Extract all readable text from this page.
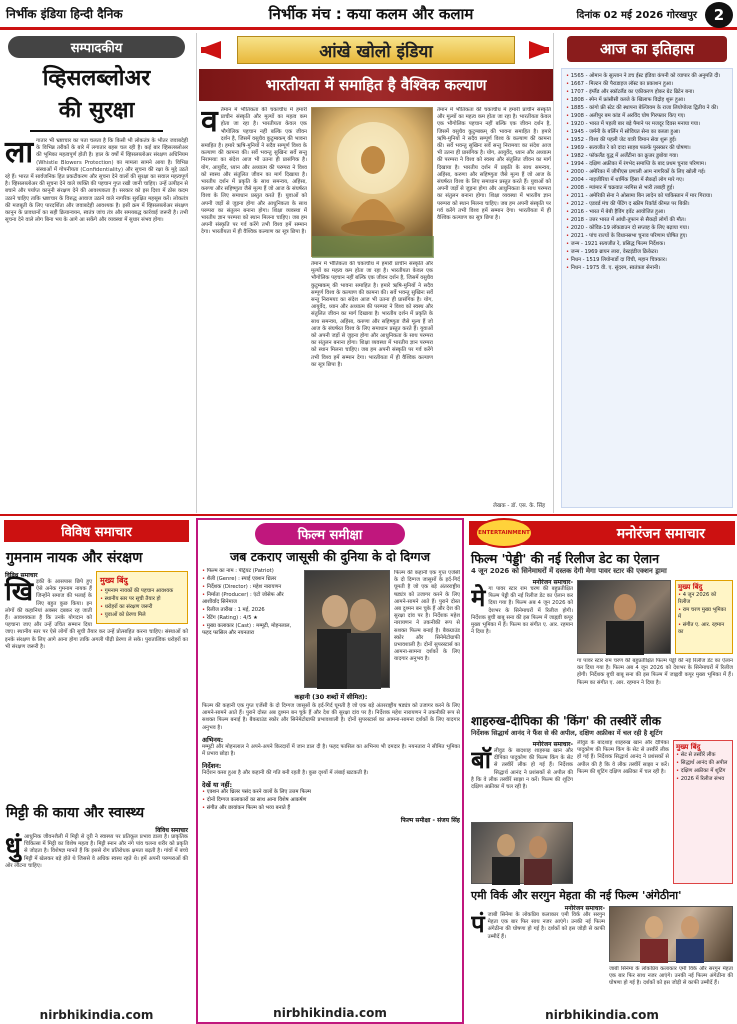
निर्भीक इंडिया हिन्दी दैनिक	निर्भीक मंच : कया कलम और कलाम	दिनांक 02 मई 2026 गोरखपुर	2
सम्पादकीय
व्हिसलब्लोअर
की सुरक्षा
ला गातार भी भ्रष्टाचार का पता चलता है कि किसी भी लोकतंत्र के भीतर जवाबदेही के विभिन्न तरीकों के बारे में लगातार बहस चल रही है। कई बार व्हिसलब्लोअर की भूमिका महत्वपूर्ण होती है। हाल के वर्षों में व्हिसलब्लोअर संरक्षण अधिनियम (Whistle Blowers Protection) का मामला सामने आया है। विभिन्न संस्थाओं में गोपनीयता (Confidentiality) और सूचना की रक्षा के मुद्दे उठते रहे हैं। भारत में सार्वजनिक हित प्रकटीकरण और सूचना देने वालों की सुरक्षा का सवाल महत्वपूर्ण है। व्हिसलब्लोअर की सूचना देने वाले व्यक्ति की पहचान गुप्त रखी जानी चाहिए। उन्हें उत्पीड़न से बचाने और पर्याप्त कानूनी संरक्षण देने की आवश्यकता है। सरकार को इस दिशा में ठोस कदम उठाने चाहिए ताकि भ्रष्टाचार के विरुद्ध आवाज उठाने वाले नागरिक सुरक्षित महसूस करें। लोकतंत्र की मजबूती के लिए पारदर्शिता और जवाबदेही आवश्यक है। इसी क्रम में व्हिसलब्लोअर संरक्षण कानून के प्रावधानों का सही क्रियान्वयन, स्वतंत्र जांच तंत्र और समयबद्ध कार्रवाई जरूरी है। तभी सूचना देने वाले लोग बिना भय के आगे आ सकेंगे और व्यवस्था में सुधार संभव होगा।
आंखे खोलो इंडिया
भारतीयता में समाहित है वैश्विक कल्याण
व र्तमान में भौतिकता की चकाचौंध में हमारी प्राचीन संस्कृति और मूल्यों का महत्व कम होता जा रहा है। भारतीयता केवल एक भौगोलिक पहचान नहीं बल्कि एक जीवन दर्शन है, जिसमें वसुधैव कुटुम्बकम् की भावना समाहित है। हमारे ऋषि-मुनियों ने सदैव सम्पूर्ण विश्व के कल्याण की कामना की। सर्वे भवन्तु सुखिनः सर्वे सन्तु निरामयाः का संदेश आज भी उतना ही प्रासंगिक है। योग, आयुर्वेद, ध्यान और अध्यात्म की परम्परा ने विश्व को स्वस्थ और संतुलित जीवन का मार्ग दिखाया है। भारतीय दर्शन में प्रकृति के साथ समन्वय, अहिंसा, करुणा और सहिष्णुता जैसे मूल्य हैं जो आज के संघर्षरत विश्व के लिए समाधान प्रस्तुत करते हैं। युवाओं को अपनी जड़ों से जुड़ना होगा और आधुनिकता के साथ परम्परा का संतुलन बनाना होगा। शिक्षा व्यवस्था में भारतीय ज्ञान परम्परा को स्थान मिलना चाहिए। जब हम अपनी संस्कृति पर गर्व करेंगे तभी विश्व हमें सम्मान देगा। भारतीयता में ही वैश्विक कल्याण का सूत्र छिपा है।
र्तमान में भौतिकता की चकाचौंध में हमारी प्राचीन संस्कृति और मूल्यों का महत्व कम होता जा रहा है। भारतीयता केवल एक भौगोलिक पहचान नहीं बल्कि एक जीवन दर्शन है, जिसमें वसुधैव कुटुम्बकम् की भावना समाहित है। हमारे ऋषि-मुनियों ने सदैव सम्पूर्ण विश्व के कल्याण की कामना की। सर्वे भवन्तु सुखिनः सर्वे सन्तु निरामयाः का संदेश आज भी उतना ही प्रासंगिक है। योग, आयुर्वेद, ध्यान और अध्यात्म की परम्परा ने विश्व को स्वस्थ और संतुलित जीवन का मार्ग दिखाया है। भारतीय दर्शन में प्रकृति के साथ समन्वय, अहिंसा, करुणा और सहिष्णुता जैसे मूल्य हैं जो आज के संघर्षरत विश्व के लिए समाधान प्रस्तुत करते हैं। युवाओं को अपनी जड़ों से जुड़ना होगा और आधुनिकता के साथ परम्परा का संतुलन बनाना होगा। शिक्षा व्यवस्था में भारतीय ज्ञान परम्परा को स्थान मिलना चाहिए। जब हम अपनी संस्कृति पर गर्व करेंगे तभी विश्व हमें सम्मान देगा। भारतीयता में ही वैश्विक कल्याण का सूत्र छिपा है।
र्तमान में भौतिकता की चकाचौंध में हमारी प्राचीन संस्कृति और मूल्यों का महत्व कम होता जा रहा है। भारतीयता केवल एक भौगोलिक पहचान नहीं बल्कि एक जीवन दर्शन है, जिसमें वसुधैव कुटुम्बकम् की भावना समाहित है। हमारे ऋषि-मुनियों ने सदैव सम्पूर्ण विश्व के कल्याण की कामना की। सर्वे भवन्तु सुखिनः सर्वे सन्तु निरामयाः का संदेश आज भी उतना ही प्रासंगिक है। योग, आयुर्वेद, ध्यान और अध्यात्म की परम्परा ने विश्व को स्वस्थ और संतुलित जीवन का मार्ग दिखाया है। भारतीय दर्शन में प्रकृति के साथ समन्वय, अहिंसा, करुणा और सहिष्णुता जैसे मूल्य हैं जो आज के संघर्षरत विश्व के लिए समाधान प्रस्तुत करते हैं। युवाओं को अपनी जड़ों से जुड़ना होगा और आधुनिकता के साथ परम्परा का संतुलन बनाना होगा। शिक्षा व्यवस्था में भारतीय ज्ञान परम्परा को स्थान मिलना चाहिए। जब हम अपनी संस्कृति पर गर्व करेंगे तभी विश्व हमें सम्मान देगा। भारतीयता में ही वैश्विक कल्याण का सूत्र छिपा है।
लेखक - डॉ. एस. के. सिंह
आज का इतिहास
• 1565 - ओमान के सुल्तान ने डच ईस्ट इंडिया कंपनी को व्यापार की अनुमति दी।
• 1667 - मिल्टन की पैराडाइज लॉस्ट का प्रकाशन हुआ।
• 1707 - इंग्लैंड और स्कॉटलैंड का एकीकरण होकर ग्रेट ब्रिटेन बना।
• 1808 - स्पेन में फ्रांसीसी कब्जे के खिलाफ विद्रोह शुरू हुआ।
• 1885 - कांगो फ्री स्टेट की स्थापना बेल्जियम के राजा लियोपोल्ड द्वितीय ने की।
• 1908 - अलीपुर बम कांड में अरविंद घोष गिरफ्तार किए गए।
• 1920 - भारत में पहली बार बड़े पैमाने पर मजदूर दिवस मनाया गया।
• 1945 - जर्मनी के बर्लिन में सोवियत सेना का कब्जा हुआ।
• 1952 - विश्व की पहली जेट यात्री विमान सेवा शुरू हुई।
• 1969 - सत्यजीत रे को दादा साहब फाल्के पुरस्कार की घोषणा।
• 1982 - फॉकलैंड युद्ध में अर्जेंटीना का क्रूजर डुबोया गया।
• 1994 - दक्षिण अफ्रीका में रंगभेद समाप्ति के बाद प्रथम चुनाव परिणाम।
• 2000 - अमेरिका में जीपीएस प्रणाली आम नागरिकों के लिए खोली गई।
• 2004 - नाइजीरिया में धार्मिक हिंसा में सैकड़ों लोग मारे गए।
• 2008 - म्यांमार में चक्रवात नरगिस से भारी तबाही हुई।
• 2011 - अमेरिकी सेना ने ओसामा बिन लादेन को पाकिस्तान में मार गिराया।
• 2012 - एडवर्ड मंच की पेंटिंग द स्क्रीम रिकॉर्ड कीमत पर बिकी।
• 2016 - भारत में बेबी हैविंग इवेंट आयोजित हुआ।
• 2018 - उत्तर भारत में आंधी-तूफान से सैकड़ों लोगों की मौत।
• 2020 - कोविड-19 लॉकडाउन दो सप्ताह के लिए बढ़ाया गया।
• 2021 - पांच राज्यों के विधानसभा चुनाव परिणाम घोषित हुए।
• जन्म - 1921 सत्यजीत रे, प्रसिद्ध फिल्म निर्देशक।
• जन्म - 1969 ब्रायन लारा, वेस्टइंडीज क्रिकेटर।
• निधन - 1519 लियोनार्डो दा विंची, महान चित्रकार।
• निधन - 1975 वी. ए. सुंदरम, स्वतंत्रता सेनानी।
विविध समाचार
गुमनाम नायक और संरक्षण
मुख्य बिंदु
• गुमनाम नायकों की पहचान आवश्यक
• स्थानीय स्तर पर सूची तैयार हो
• धरोहरों का संरक्षण जरूरी
• युवाओं को प्रेरणा मिले
विविध समाचार
खि ड़की के आसपास छिपे हुए ऐसे अनेक गुमनाम नायक हैं जिन्होंने समाज की भलाई के लिए बहुत कुछ किया। इन लोगों की कहानियां अक्सर दबकर रह जाती हैं। आवश्यकता है कि उनके योगदान को पहचाना जाए और उन्हें उचित सम्मान दिया जाए। स्थानीय स्तर पर ऐसे लोगों की सूची तैयार कर उन्हें प्रोत्साहित करना चाहिए। संस्थाओं को इनके संरक्षण के लिए आगे आना होगा ताकि अगली पीढ़ी प्रेरणा ले सके। पुरातात्विक धरोहरों का भी संरक्षण जरूरी है।
मिट्टी की काया और स्वास्थ्य
विविध समाचार
धुं आधुनिक जीवनशैली में मिट्टी से दूरी ने स्वास्थ्य पर प्रतिकूल प्रभाव डाला है। प्राकृतिक चिकित्सा में मिट्टी का विशेष महत्व है। मिट्टी स्नान और नंगे पांव चलना शरीर को प्रकृति से जोड़ता है। विशेषज्ञ मानते हैं कि इससे रोग प्रतिरोधक क्षमता बढ़ती है। गांवों में बच्चे मिट्टी में खेलकर बड़े होते थे जिससे वे अधिक स्वस्थ रहते थे। हमें अपनी परम्पराओं की ओर लौटना चाहिए।
nirbhikindia.com
फिल्म समीक्षा
जब टकराए जासूसी की दुनिया के दो दिग्गज
• फिल्म का नाम : पेट्रियट (Patriot)
• शैली (Genre) : स्पाई एक्शन थ्रिलर
• निर्देशक (Director) : महेश नारायणन
• निर्माता (Producer) : एंटो जोसेफ और आशीर्वाद सिनेमाज
• रिलीज तारीख : 1 मई, 2026
• रेटिंग (Rating) : 4/5 ★
• मुख्य कलाकार (Cast) : मम्मूटी, मोहनलाल, फहद फासिल और नयनतारा
फिल्म की कहानी एक गुप्त एजेंसी के दो दिग्गज जासूसों के इर्द-गिर्द घूमती है जो एक बड़े अंतरराष्ट्रीय षड्यंत्र को उजागर करने के लिए आमने-सामने आते हैं। पुराने दोस्त अब दुश्मन बन चुके हैं और देश की सुरक्षा दांव पर है। निर्देशक महेश नारायणन ने तकनीकी रूप से सशक्त फिल्म बनाई है। बैकग्राउंड स्कोर और सिनेमेटोग्राफी प्रभावशाली है। दोनों सुपरस्टार्स का आमना-सामना दर्शकों के लिए यादगार अनुभव है।
कहानी (30 शब्दों में सीमित):
फिल्म की कहानी एक गुप्त एजेंसी के दो दिग्गज जासूसों के इर्द-गिर्द घूमती है जो एक बड़े अंतरराष्ट्रीय षड्यंत्र को उजागर करने के लिए आमने-सामने आते हैं। पुराने दोस्त अब दुश्मन बन चुके हैं और देश की सुरक्षा दांव पर है। निर्देशक महेश नारायणन ने तकनीकी रूप से सशक्त फिल्म बनाई है। बैकग्राउंड स्कोर और सिनेमेटोग्राफी प्रभावशाली है। दोनों सुपरस्टार्स का आमना-सामना दर्शकों के लिए यादगार अनुभव है।
अभिनय:
मम्मूटी और मोहनलाल ने अपने-अपने किरदारों में जान डाल दी है। फहद फासिल का अभिनय भी दमदार है। नयनतारा ने सीमित भूमिका में प्रभाव छोड़ा है।
निर्देशन:
निर्देशन कसा हुआ है और कहानी की गति बनी रहती है। कुछ दृश्यों में लंबाई खटकती है।
देखें या नहीं:
• एक्शन और थ्रिलर पसंद करने वालों के लिए उत्तम फिल्म
• दोनों दिग्गज कलाकारों का साथ आना विशेष आकर्षण
• संगीत और छायांकन फिल्म को भव्य बनाते हैं
फिल्म समीक्षा - संजय सिंह
nirbhikindia.com
मनोरंजन समाचार
ENTERTAINMENT
फिल्म 'पेड्डी' की नई रिलीज डेट का ऐलान
4 जून 2026 को सिनेमाघरों में दस्तक देगी मेगा पावर स्टार की एक्शन ड्रामा
मनोरंजन समाचार-
मे गा पावर स्टार राम चरण की बहुप्रतीक्षित फिल्म पेड्डी की नई रिलीज डेट का ऐलान कर दिया गया है। फिल्म अब 4 जून 2026 को देशभर के सिनेमाघरों में रिलीज होगी। निर्देशक बुची बाबू सना की इस फिल्म में जाह्नवी कपूर मुख्य भूमिका में हैं। फिल्म का संगीत ए. आर. रहमान ने दिया है।
मुख्य बिंदु
• 4 जून 2026 को रिलीज
• राम चरण मुख्य भूमिका में
• संगीत ए. आर. रहमान का
गा पावर स्टार राम चरण की बहुप्रतीक्षित फिल्म पेड्डी की नई रिलीज डेट का ऐलान कर दिया गया है। फिल्म अब 4 जून 2026 को देशभर के सिनेमाघरों में रिलीज होगी। निर्देशक बुची बाबू सना की इस फिल्म में जाह्नवी कपूर मुख्य भूमिका में हैं। फिल्म का संगीत ए. आर. रहमान ने दिया है।
शाहरुख-दीपिका की 'किंग' की तस्वीरें लीक
निर्देशक सिद्धार्थ आनंद ने फैंस से की अपील, दक्षिण अफ्रीका में चल रही है शूटिंग
मनोरंजन समाचार-
बॉ लीवुड के बादशाह शाहरुख खान और दीपिका पादुकोण की फिल्म किंग के सेट से तस्वीरें लीक हो गई हैं। निर्देशक सिद्धार्थ आनंद ने प्रशंसकों से अपील की है कि वे लीक तस्वीरें साझा न करें। फिल्म की शूटिंग दक्षिण अफ्रीका में चल रही है।
लीवुड के बादशाह शाहरुख खान और दीपिका पादुकोण की फिल्म किंग के सेट से तस्वीरें लीक हो गई हैं। निर्देशक सिद्धार्थ आनंद ने प्रशंसकों से अपील की है कि वे लीक तस्वीरें साझा न करें। फिल्म की शूटिंग दक्षिण अफ्रीका में चल रही है।
मुख्य बिंदु
• सेट से तस्वीरें लीक
• सिद्धार्थ आनंद की अपील
• दक्षिण अफ्रीका में शूटिंग
• 2026 में रिलीज संभव
एमी विर्क और सरगुन मेहता की नई फिल्म 'अंगेठीना'
मनोरंजन समाचार-
पं जाबी सिनेमा के लोकप्रिय कलाकार एमी विर्क और सरगुन मेहता एक बार फिर साथ नजर आएंगे। उनकी नई फिल्म अंगेठीना की घोषणा हो गई है। दर्शकों को इस जोड़ी से काफी उम्मीदें हैं।
जाबी सिनेमा के लोकप्रिय कलाकार एमी विर्क और सरगुन मेहता एक बार फिर साथ नजर आएंगे। उनकी नई फिल्म अंगेठीना की घोषणा हो गई है। दर्शकों को इस जोड़ी से काफी उम्मीदें हैं।
nirbhikindia.com
